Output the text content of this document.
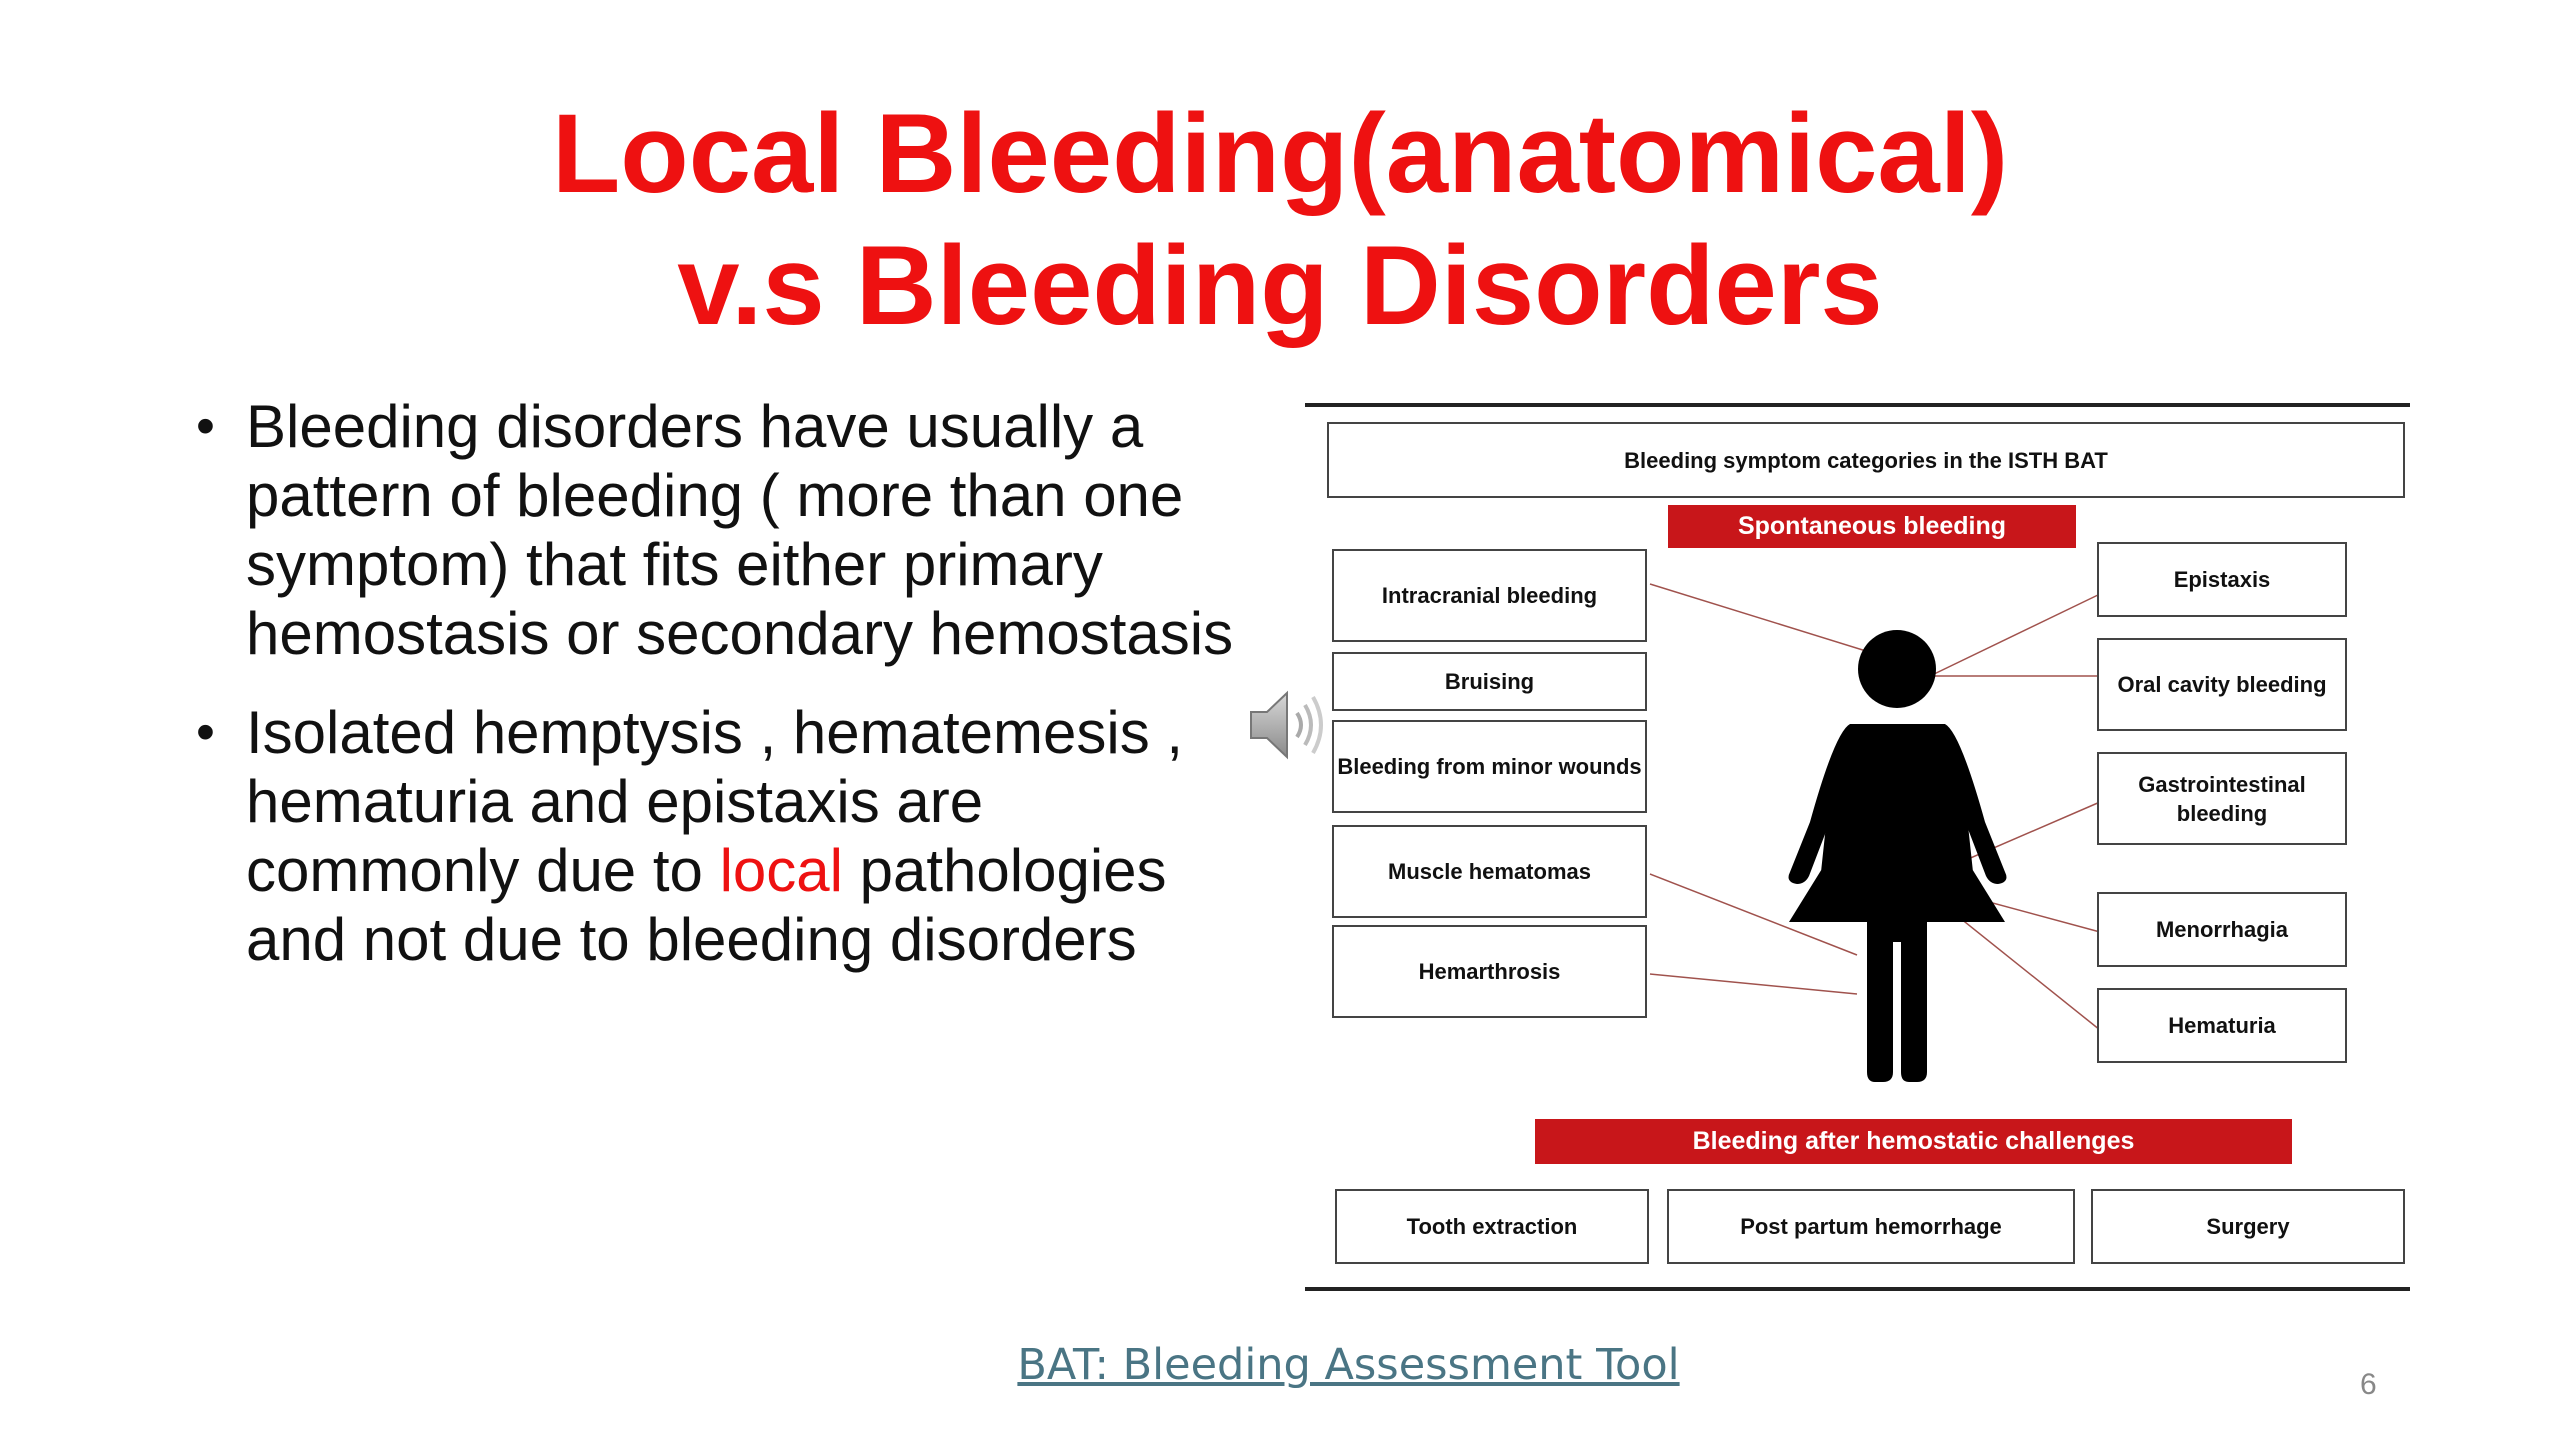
Local Bleeding(anatomical)
v.s Bleeding Disorders
• Bleeding disorders have usually a pattern of bleeding ( more than one symptom) that fits either primary hemostasis or secondary hemostasis
• Isolated hemptysis , hematemesis , hematuria and epistaxis are commonly due to local pathologies and not due to bleeding disorders
Bleeding symptom categories in the ISTH BAT
Spontaneous bleeding
Intracranial bleeding
Bruising
Bleeding from minor wounds
Muscle hematomas
Hemarthrosis
Epistaxis
Oral cavity bleeding
Gastrointestinal bleeding
Menorrhagia
Hematuria
Bleeding after hemostatic challenges
Tooth extraction	Post partum hemorrhage	Surgery
BAT: Bleeding Assessment Tool	6
